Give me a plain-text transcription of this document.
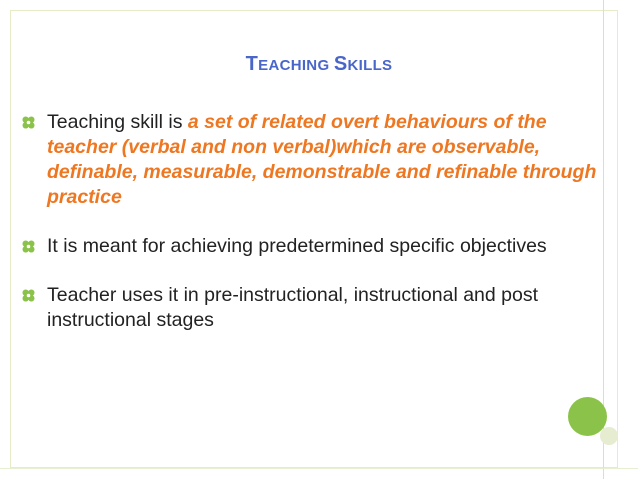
TEACHING SKILLS
Teaching skill is a set of related overt behaviours of the teacher (verbal and non verbal)which are observable, definable, measurable, demonstrable and refinable through practice
It is meant for achieving predetermined specific objectives
Teacher uses it in pre-instructional, instructional and post instructional stages
